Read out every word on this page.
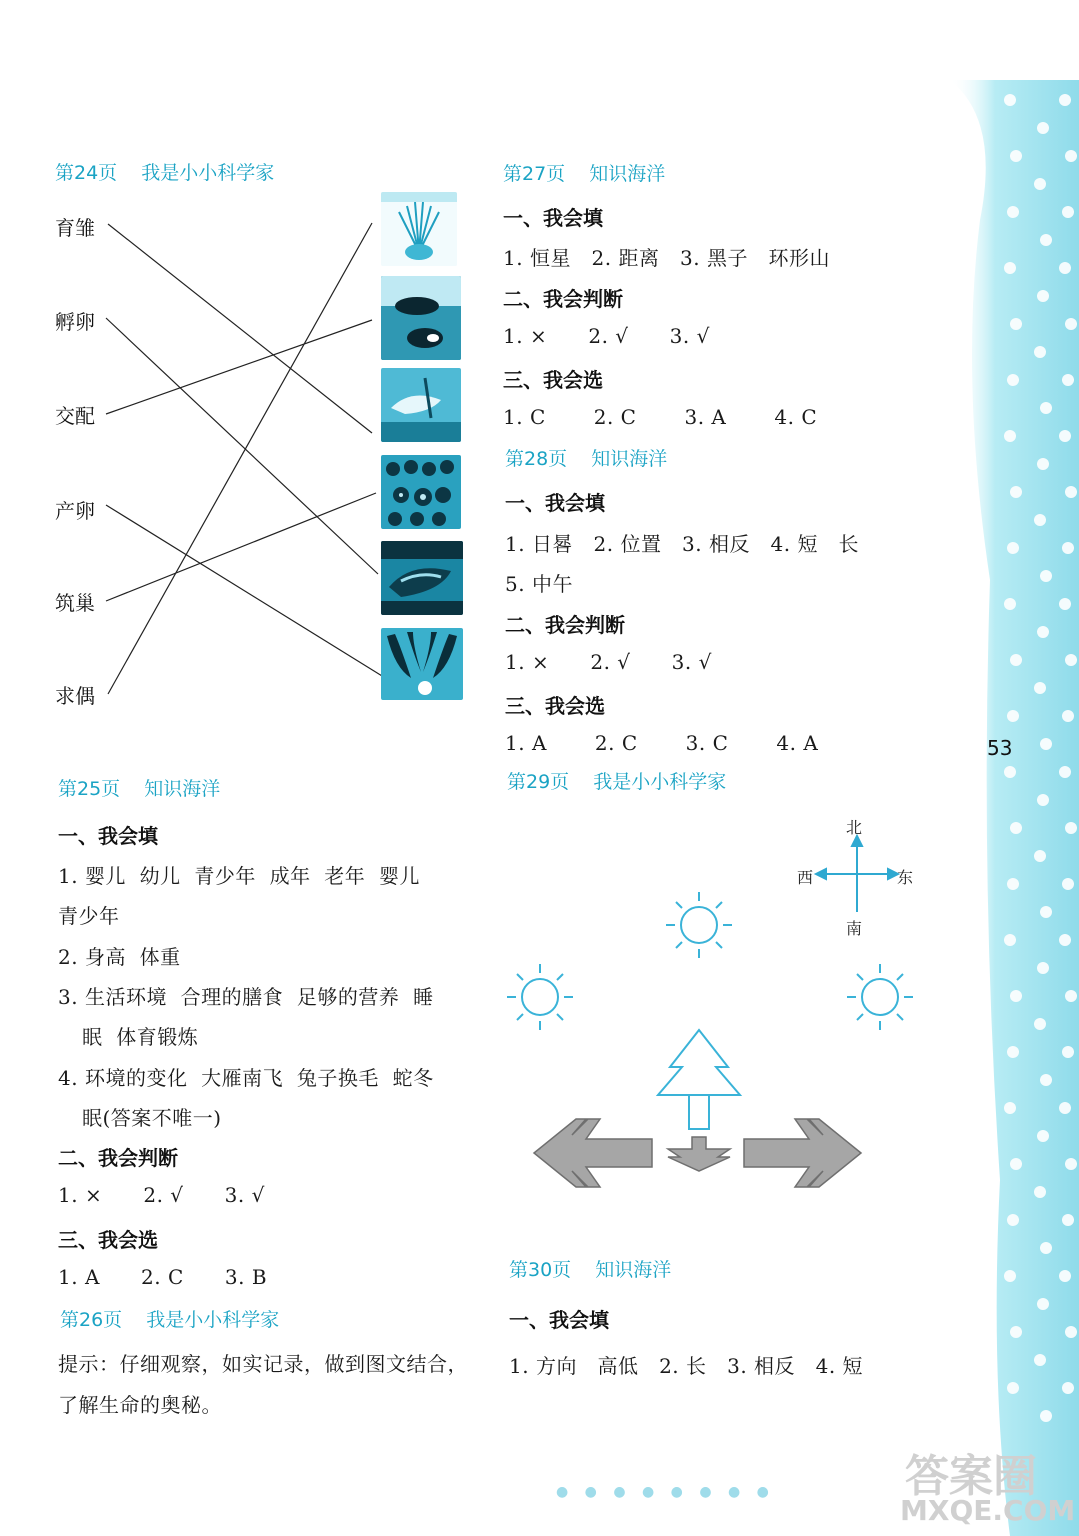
第24页 我是小小科学家
育雏
孵卵
交配
产卵
筑巢
求偶
第25页 知识海洋
一、我会填
1. 婴儿  幼儿  青少年  成年  老年  婴儿
青少年
2. 身高  体重
3. 生活环境  合理的膳食  足够的营养  睡
眠  体育锻炼
4. 环境的变化  大雁南飞  兔子换毛  蛇冬
眠(答案不唯一)
二、我会判断
1. ×      2. √      3. √
三、我会选
1. A      2. C      3. B
第26页 我是小小科学家
提示：仔细观察，如实记录，做到图文结合，
了解生命的奥秘。
第27页 知识海洋
一、我会填
1. 恒星   2. 距离   3. 黑子   环形山
二、我会判断
1. ×      2. √      3. √
三、我会选
1. C       2. C       3. A       4. C
第28页 知识海洋
一、我会填
1. 日晷   2. 位置   3. 相反   4. 短   长
5. 中午
二、我会判断
1. ×      2. √      3. √
三、我会选
1. A       2. C       3. C       4. A	53
第29页 我是小小科学家
北
南
西	东
第30页 知识海洋
一、我会填
1. 方向   高低   2. 长   3. 相反   4. 短
● ● ● ● ● ● ● ●	答案圈
MXQE.COM
